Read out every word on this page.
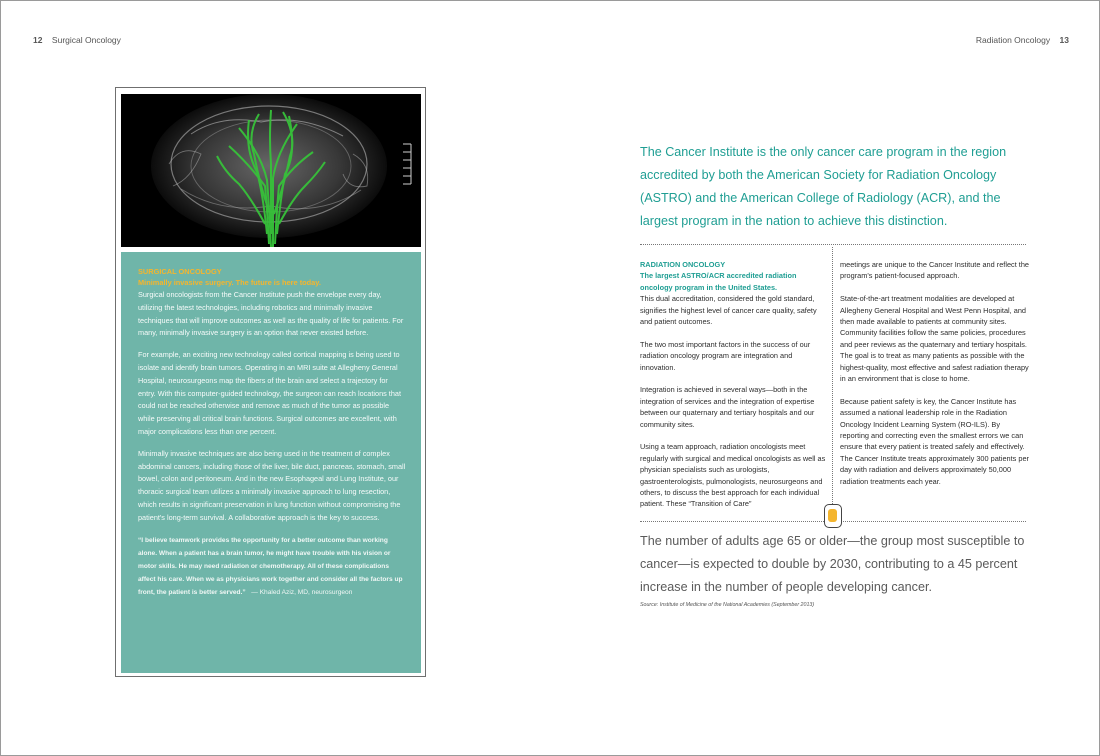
12 Surgical Oncology	Radiation Oncology 13
SURGICAL ONCOLOGY
Minimally invasive surgery. The future is here today.

Surgical oncologists from the Cancer Institute push the envelope every day, utilizing the latest technologies, including robotics and minimally invasive techniques that will improve outcomes as well as the quality of life for patients. For many, minimally invasive surgery is an option that never existed before.

For example, an exciting new technology called cortical mapping is being used to isolate and identify brain tumors. Operating in an MRI suite at Allegheny General Hospital, neurosurgeons map the fibers of the brain and select a trajectory for entry. With this computer-guided technology, the surgeon can reach locations that could not be reached otherwise and remove as much of the tumor as possible while preserving all critical brain functions. Surgical outcomes are excellent, with major complications less than one percent.

Minimally invasive techniques are also being used in the treatment of complex abdominal cancers, including those of the liver, bile duct, pancreas, stomach, small bowel, colon and peritoneum. And in the new Esophageal and Lung Institute, our thoracic surgical team utilizes a minimally invasive approach to lung resection, which results in significant preservation in lung function without compromising the patient's long-term survival. A collaborative approach is the key to success.

“I believe teamwork provides the opportunity for a better outcome than working alone. When a patient has a brain tumor, he might have trouble with his vision or motor skills. He may need radiation or chemotherapy. All of these complications affect his care. When we as physicians work together and consider all the factors up front, the patient is better served.” — Khaled Aziz, MD, neurosurgeon
The Cancer Institute is the only cancer care program in the region accredited by both the American Society for Radiation Oncology (ASTRO) and the American College of Radiology (ACR), and the largest program in the nation to achieve this distinction.
RADIATION ONCOLOGY
The largest ASTRO/ACR accredited radiation oncology program in the United States.

This dual accreditation, considered the gold standard, signifies the highest level of cancer care quality, safety and patient outcomes.

The two most important factors in the success of our radiation oncology program are integration and innovation.

Integration is achieved in several ways—both in the integration of services and the integration of expertise between our quaternary and tertiary hospitals and our community sites.

Using a team approach, radiation oncologists meet regularly with surgical and medical oncologists as well as physician specialists such as urologists, gastroenterologists, pulmonologists, neurosurgeons and others, to discuss the best approach for each individual patient. These “Transition of Care”

meetings are unique to the Cancer Institute and reflect the program's patient-focused approach.

State-of-the-art treatment modalities are developed at Allegheny General Hospital and West Penn Hospital, and then made available to patients at community sites. Community facilities follow the same policies, procedures and peer reviews as the quaternary and tertiary hospitals. The goal is to treat as many patients as possible with the highest-quality, most effective and safest radiation therapy in an environment that is close to home.

Because patient safety is key, the Cancer Institute has assumed a national leadership role in the Radiation Oncology Incident Learning System (RO-ILS). By reporting and correcting even the smallest errors we can ensure that every patient is treated safely and effectively. The Cancer Institute treats approximately 300 patients per day with radiation and delivers approximately 50,000 radiation treatments each year.

The number of adults age 65 or older—the group most susceptible to cancer—is expected to double by 2030, contributing to a 45 percent increase in the number of people developing cancer.
Source: Institute of Medicine of the National Academies (September 2013)
